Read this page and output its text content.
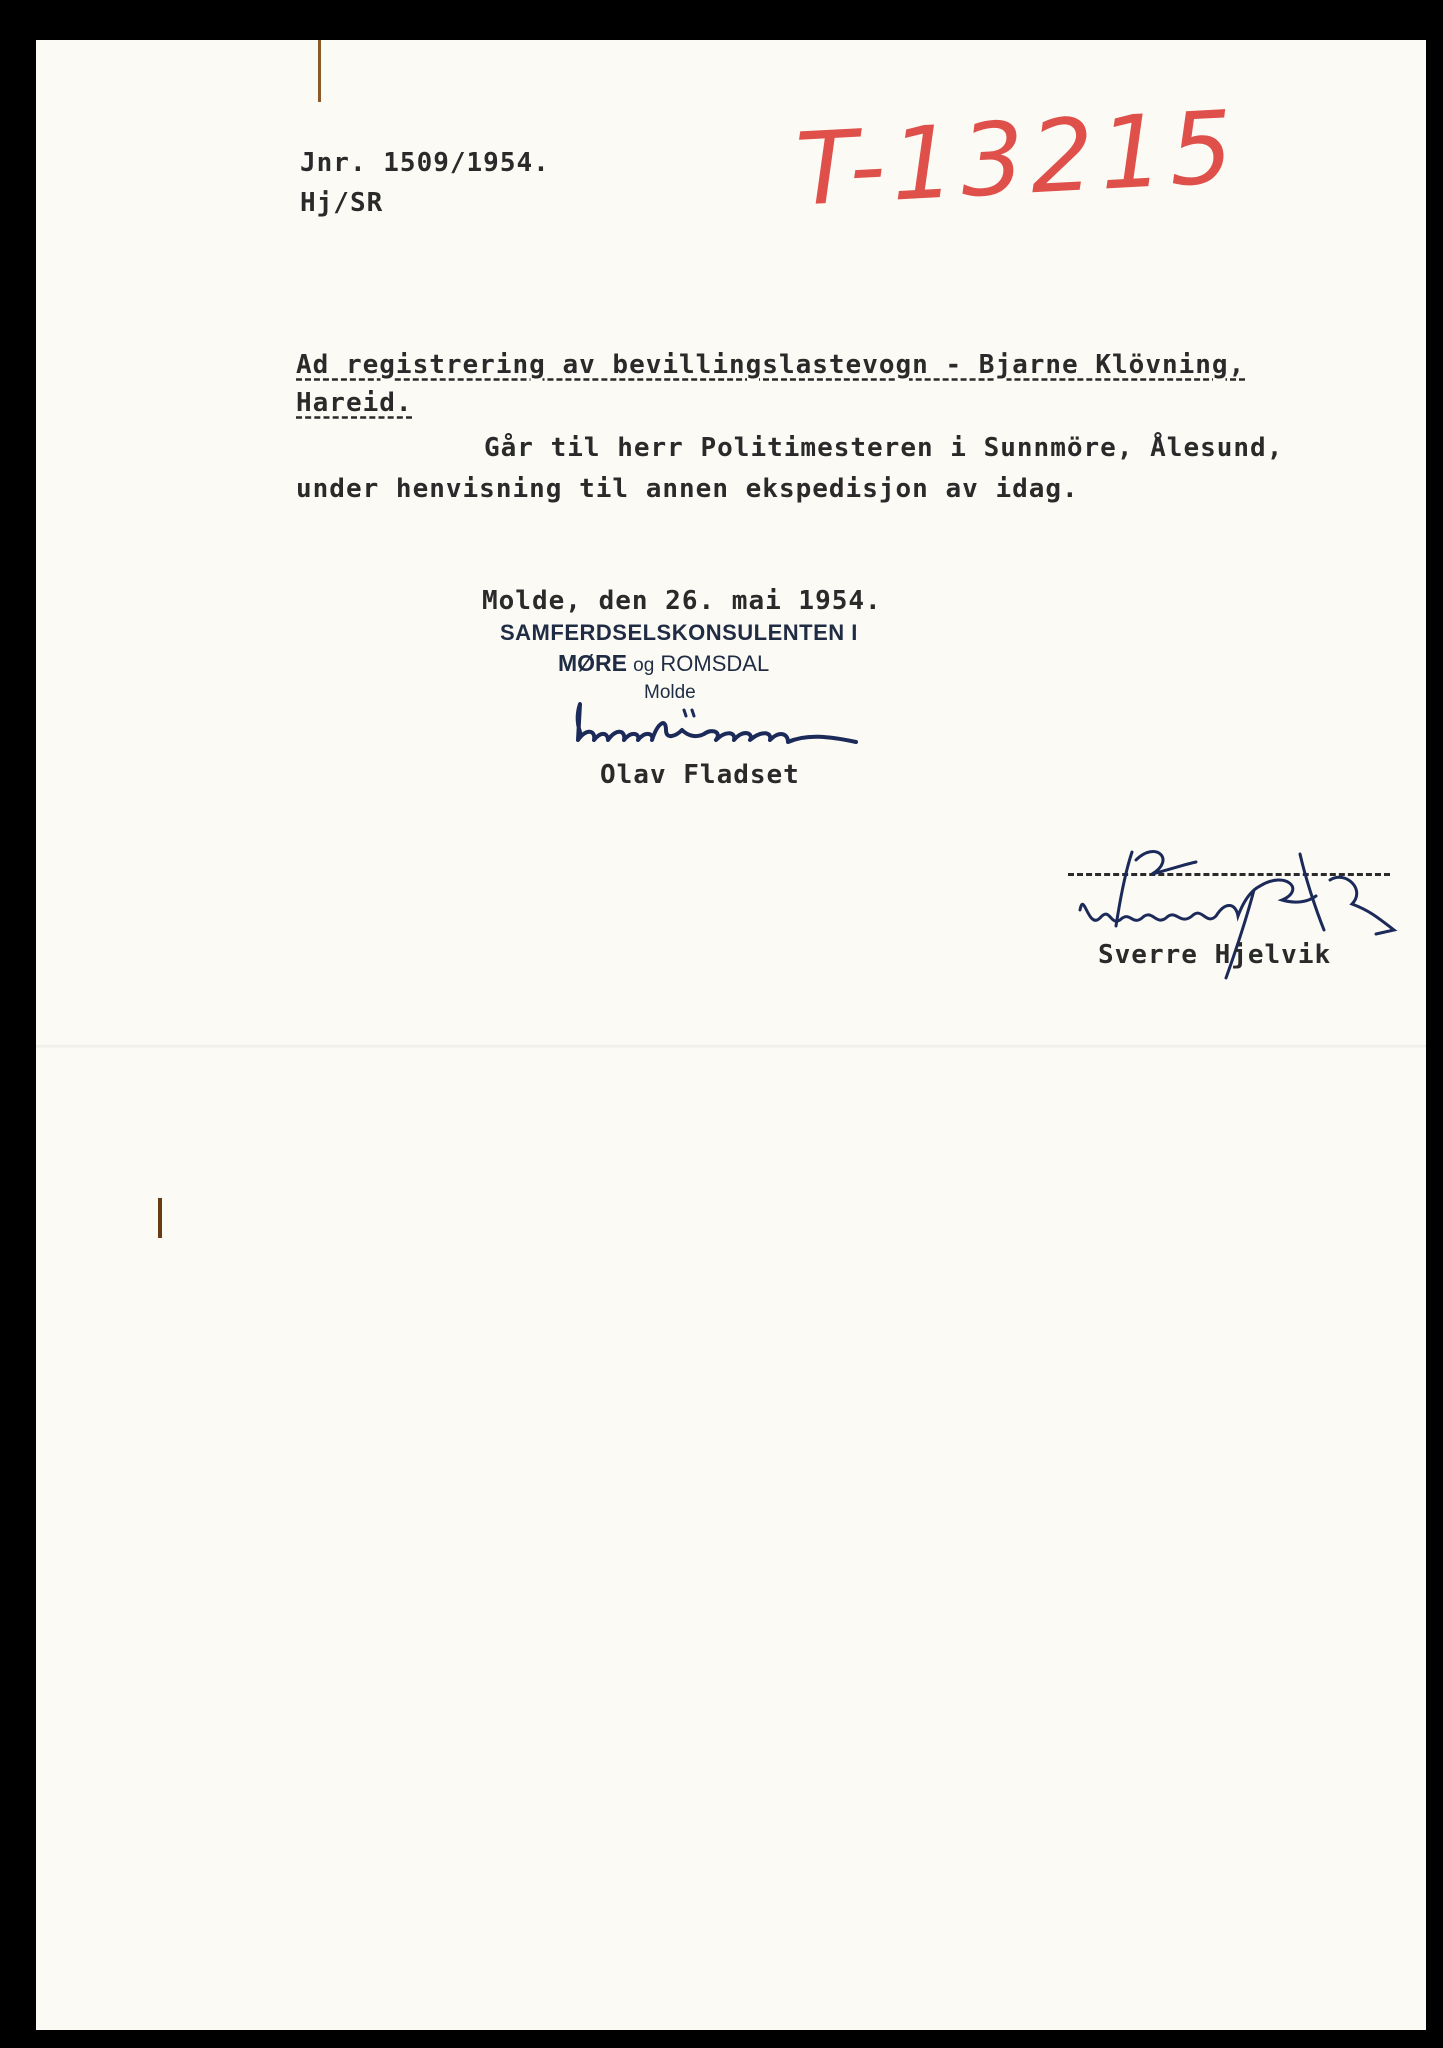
Jnr. 1509/1954.
Hj/SR	T-13215
Ad registrering av bevillingslastevogn - Bjarne Klövning,
Hareid.
Går til herr Politimesteren i Sunnmöre, Ålesund,
under henvisning til annen ekspedisjon av idag.
Molde, den 26. mai 1954.
SAMFERDSELSKONSULENTEN I
MØRE og ROMSDAL
Molde
Olav Fladset
Sverre Hjelvik
